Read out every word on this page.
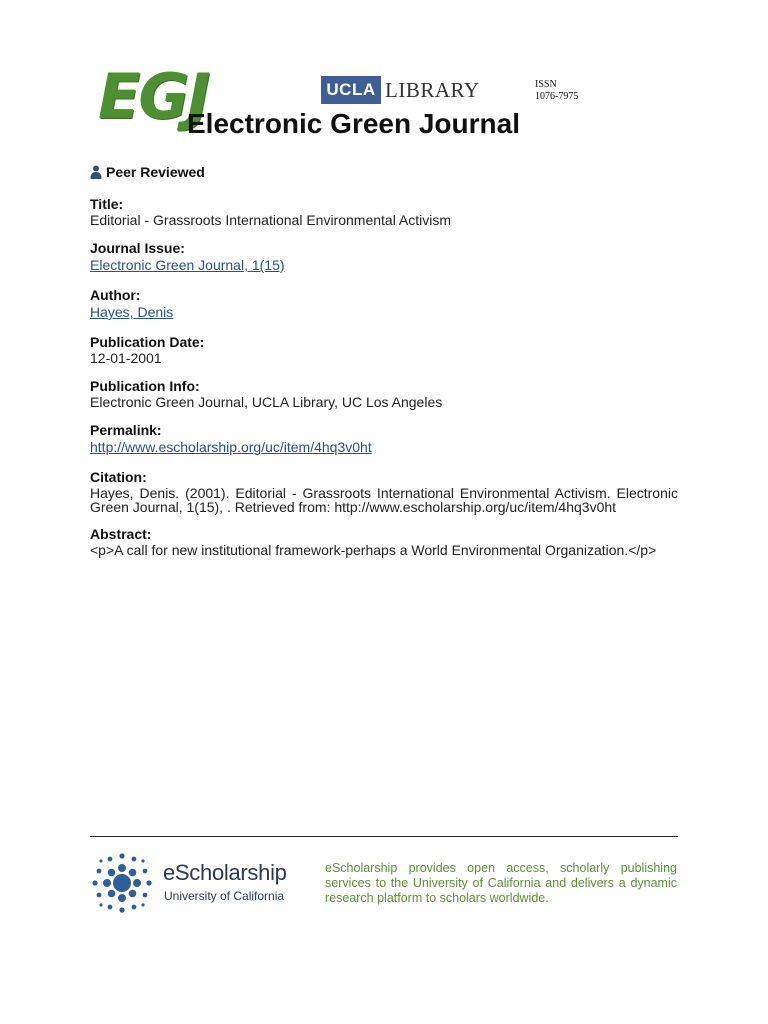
EGJ
Electronic Green Journal
UCLA LIBRARY	ISSN
1076-7975
Peer Reviewed
Title:
Editorial - Grassroots International Environmental Activism
Journal Issue:
Electronic Green Journal, 1(15)
Author:
Hayes, Denis
Publication Date:
12-01-2001
Publication Info:
Electronic Green Journal, UCLA Library, UC Los Angeles
Permalink:
http://www.escholarship.org/uc/item/4hq3v0ht
Citation:
Hayes, Denis. (2001). Editorial - Grassroots International Environmental Activism. Electronic Green Journal, 1(15), . Retrieved from: http://www.escholarship.org/uc/item/4hq3v0ht
Abstract:
<p>A call for new institutional framework-perhaps a World Environmental Organization.</p>
eScholarship
University of California
eScholarship provides open access, scholarly publishing services to the University of California and delivers a dynamic research platform to scholars worldwide.
